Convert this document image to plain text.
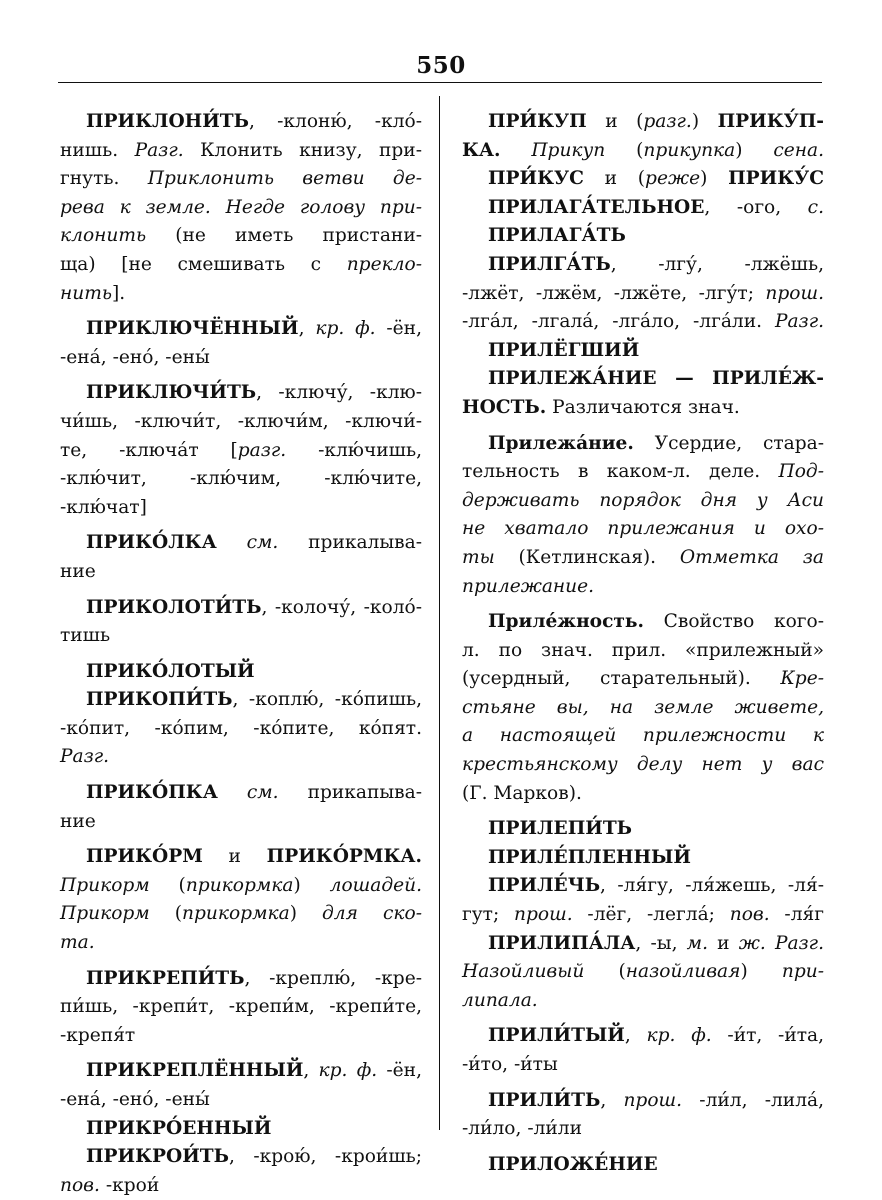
550
ПРИКЛОНИ́ТЬ, -клоню́, -кло́-
нишь. Разг. Клонить книзу, при-
гнуть. Приклонить ветви де-
рева к земле. Негде голову при-
клонить (не иметь пристани-
ща) [не смешивать с преклo-
нить].
ПРИКЛЮЧЁННЫЙ, кр. ф. -ён,
-ена́, -ено́, -ены́
ПРИКЛЮЧИ́ТЬ, -ключу́, -клю-
чи́шь, -ключи́т, -ключи́м, -ключи́-
те, -ключа́т [разг. -клю́чишь,
-клю́чит, -клю́чим, -клю́чите,
-клю́чат]
ПРИКО́ЛКА см. прикалыва-
ние
ПРИКОЛОТИ́ТЬ, -колочу́, -коло́-
тишь
ПРИКО́ЛОТЫЙ
ПРИКОПИ́ТЬ, -коплю́, -ко́пишь,
-ко́пит, -ко́пим, -ко́пите, ко́пят.
Разг.
ПРИКО́ПКА см. прикапыва-
ние
ПРИКО́РМ и ПРИКО́РМКА.
Прикорм (прикормка) лошадей.
Прикорм (прикормка) для ско-
та.
ПРИКРЕПИ́ТЬ, -креплю́, -кре-
пи́шь, -крепи́т, -крепи́м, -крепи́те,
-крепя́т
ПРИКРЕПЛЁННЫЙ, кр. ф. -ён,
-ена́, -ено́, -ены́
ПРИКРО́ЕННЫЙ
ПРИКРОИ́ТЬ, -крою́, -крои́шь;
пов. -крои́
ПРИ́КУП и (разг.) ПРИКУ́П-
КА. Прикуп (прикупка) сена.
ПРИ́КУС и (реже) ПРИКУ́С
ПРИЛАГА́ТЕЛЬНОЕ, -ого, с.
ПРИЛАГА́ТЬ
ПРИЛГА́ТЬ, -лгу́, -лжёшь,
-лжёт, -лжём, -лжёте, -лгу́т; прош.
-лга́л, -лгала́, -лга́ло, -лга́ли. Разг.
ПРИЛЁГШИЙ
ПРИЛЕЖА́НИЕ — ПРИЛЕ́Ж-
НОСТЬ. Различаются знач.
Прилежа́ние. Усердие, стара-
тельность в каком-л. деле. Под-
держивать порядок дня у Аси
не хватало прилежания и охо-
ты (Кетлинская). Отметка за
прилежание.
Приле́жность. Свойство кого-
л. по знач. прил. «прилежный»
(усердный, старательный). Кре-
стьяне вы, на земле живете,
а настоящей прилежности к
крестьянскому делу нет у вас
(Г. Марков).
ПРИЛЕПИ́ТЬ
ПРИЛЕ́ПЛЕННЫЙ
ПРИЛЕ́ЧЬ, -ля́гу, -ля́жешь, -ля́-
гут; прош. -лёг, -легла́; пов. -ля́г
ПРИЛИПА́ЛА, -ы, м. и ж. Разг.
Назойливый (назойливая) при-
липала.
ПРИЛИ́ТЫЙ, кр. ф. -и́т, -и́та,
-и́то, -и́ты
ПРИЛИ́ТЬ, прош. -ли́л, -лила́,
-ли́ло, -ли́ли
ПРИЛОЖЕ́НИЕ
